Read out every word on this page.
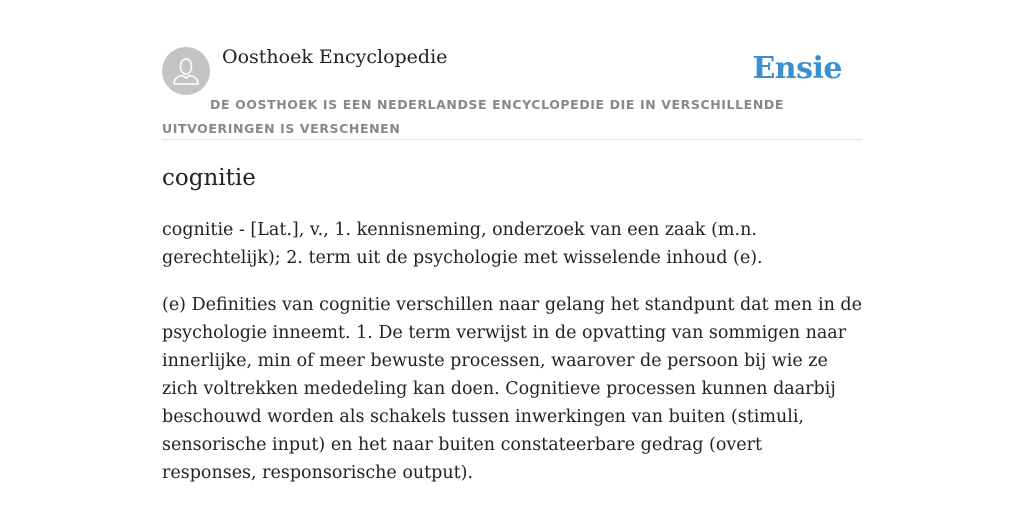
Oosthoek Encyclopedie	Ensie
DE OOSTHOEK IS EEN NEDERLANDSE ENCYCLOPEDIE DIE IN VERSCHILLENDE UITVOERINGEN IS VERSCHENEN
cognitie

cognitie - [Lat.], v., 1. kennisneming, onderzoek van een zaak (m.n. gerechtelijk); 2. term uit de psychologie met wisselende inhoud (e).

(e) Definities van cognitie verschillen naar gelang het standpunt dat men in de psychologie inneemt. 1. De term verwijst in de opvatting van sommigen naar innerlijke, min of meer bewuste processen, waarover de persoon bij wie ze zich voltrekken mededeling kan doen. Cognitieve processen kunnen daarbij beschouwd worden als schakels tussen inwerkingen van buiten (stimuli, sensorische input) en het naar buiten constateerbare gedrag (overt responses, responsorische output).
